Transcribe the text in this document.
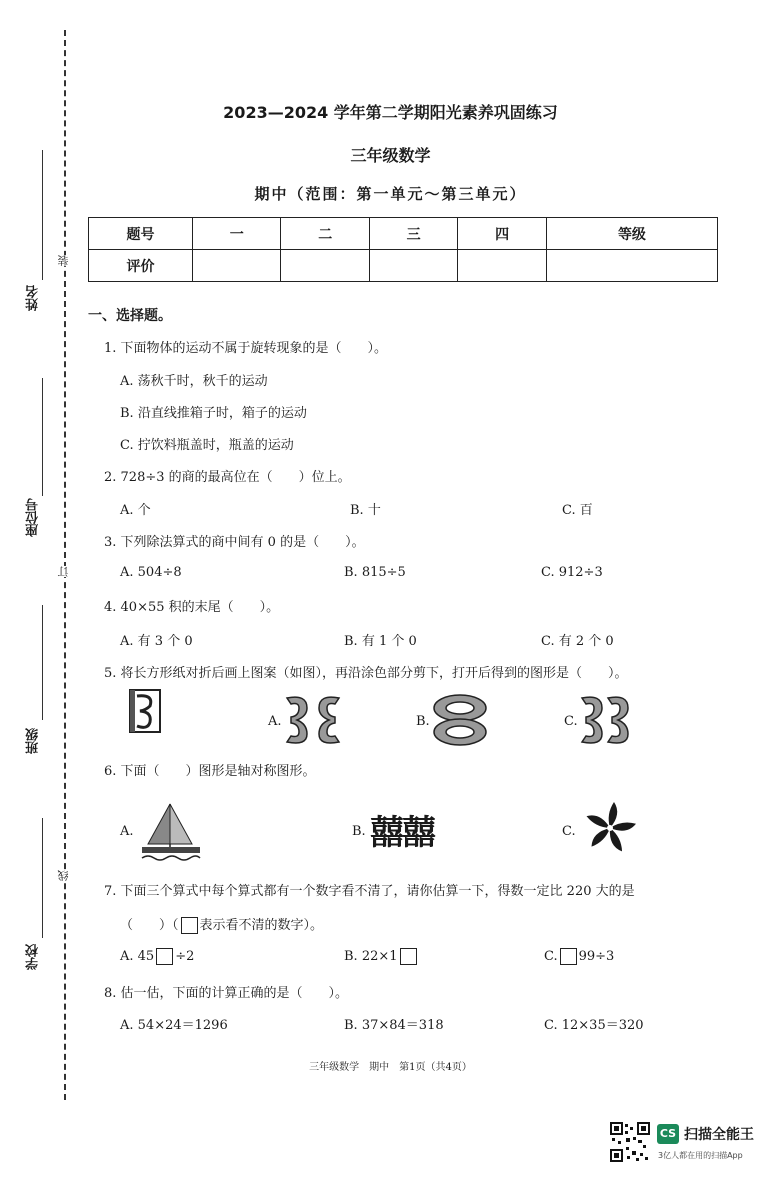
姓名
座位号
班级
学校
装
订
线
2023—2024 学年第二学期阳光素养巩固练习
三年级数学
期中（范围：第一单元～第三单元）
题号	一	二	三	四	等级
评价					
一、选择题。
1. 下面物体的运动不属于旋转现象的是（　　）。
A. 荡秋千时，秋千的运动
B. 沿直线推箱子时，箱子的运动
C. 拧饮料瓶盖时，瓶盖的运动
2. 728÷3 的商的最高位在（　　）位上。
A. 个	B. 十	C. 百
3. 下列除法算式的商中间有 0 的是（　　）。
A. 504÷8	B. 815÷5	C. 912÷3
4. 40×55 积的末尾（　　）。
A. 有 3 个 0	B. 有 1 个 0	C. 有 2 个 0
5. 将长方形纸对折后画上图案（如图），再沿涂色部分剪下，打开后得到的图形是（　　）。
A.	B.	C.
6. 下面（　　）图形是轴对称图形。
A.	B. 囍囍	C.
7. 下面三个算式中每个算式都有一个数字看不清了，请你估算一下，得数一定比 220 大的是
（　　）（ 表示看不清的数字）。
A. 45 ÷2	B. 22×1	C. 99÷3
8. 估一估，下面的计算正确的是（　　）。
A. 54×24＝1296	B. 37×84＝318	C. 12×35＝320
三年级数学　期中　第1页（共4页）
CS 扫描全能王
3亿人都在用的扫描App
